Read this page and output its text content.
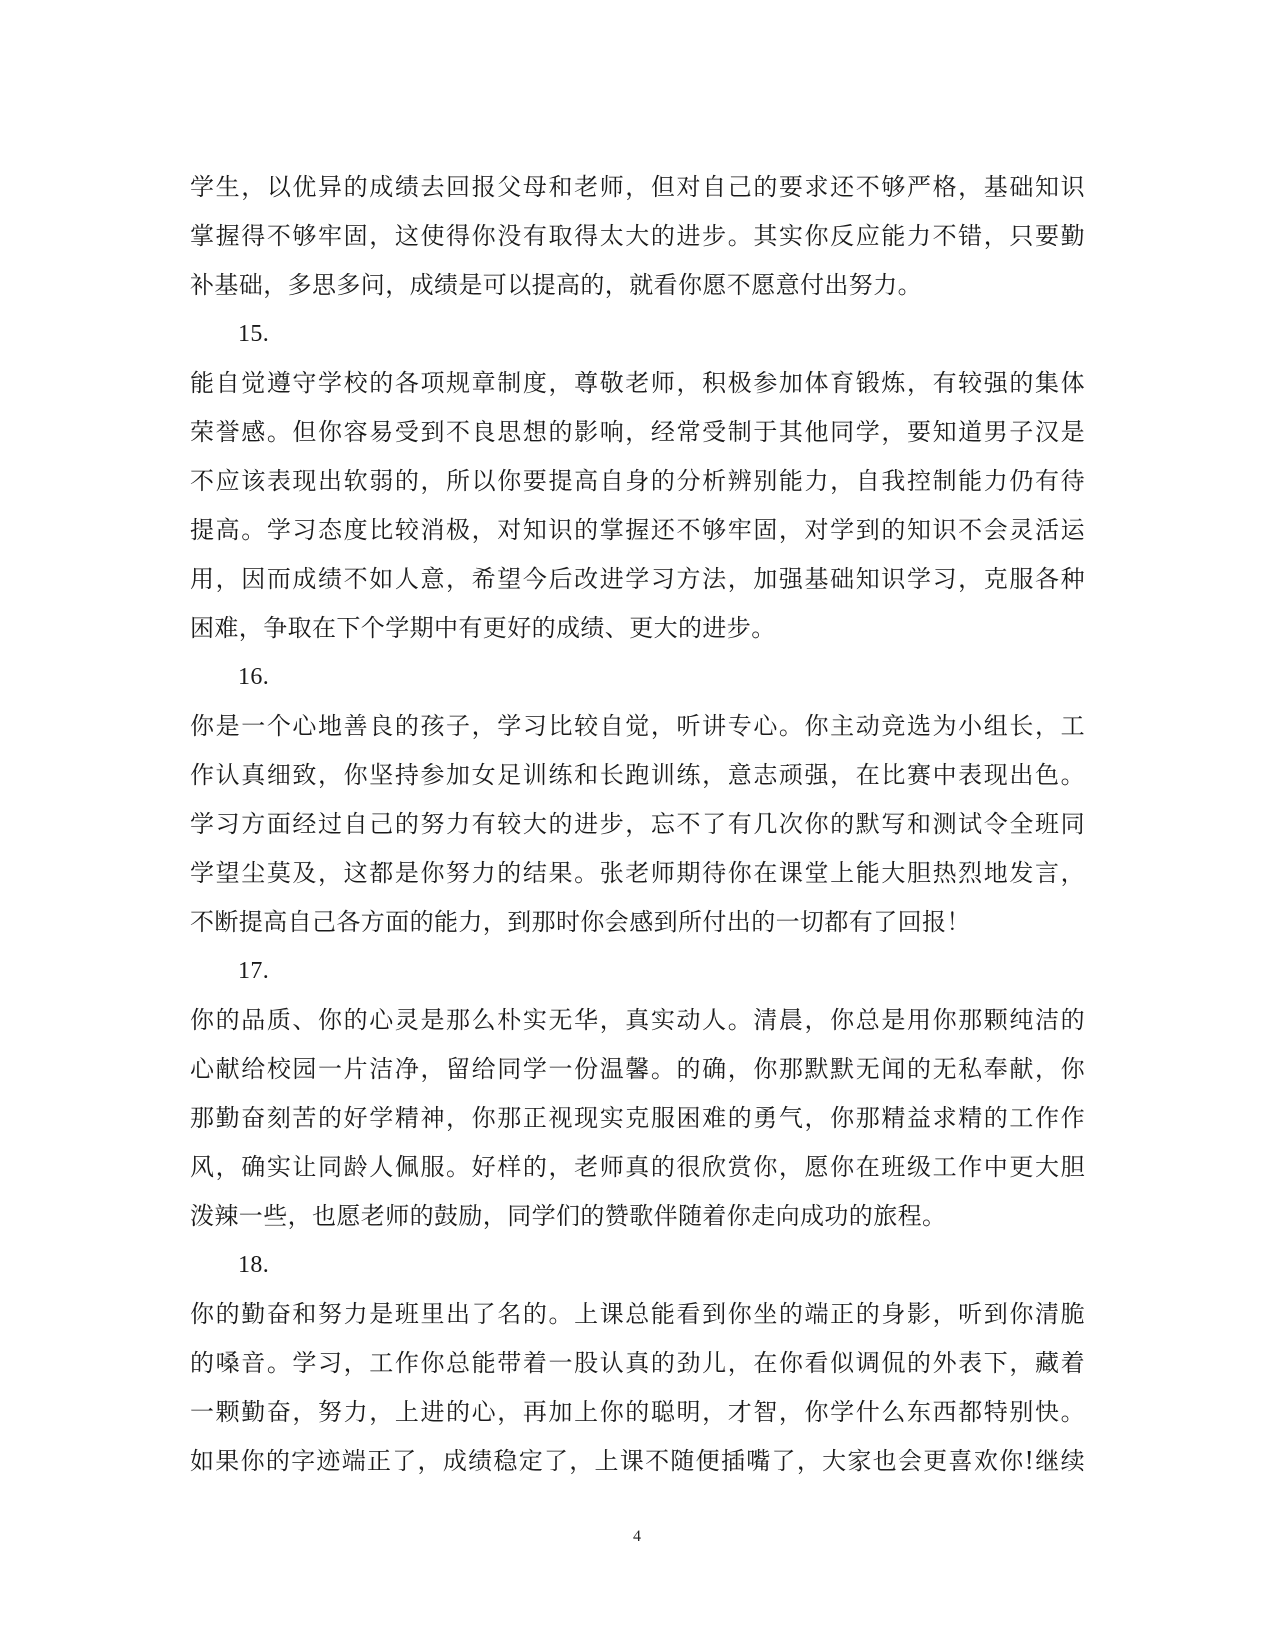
学生，以优异的成绩去回报父母和老师，但对自己的要求还不够严格，基础知识
掌握得不够牢固，这使得你没有取得太大的进步。其实你反应能力不错，只要勤
补基础，多思多问，成绩是可以提高的，就看你愿不愿意付出努力。
15.
能自觉遵守学校的各项规章制度，尊敬老师，积极参加体育锻炼，有较强的集体
荣誉感。但你容易受到不良思想的影响，经常受制于其他同学，要知道男子汉是
不应该表现出软弱的，所以你要提高自身的分析辨别能力，自我控制能力仍有待
提高。学习态度比较消极，对知识的掌握还不够牢固，对学到的知识不会灵活运
用，因而成绩不如人意，希望今后改进学习方法，加强基础知识学习，克服各种
困难，争取在下个学期中有更好的成绩、更大的进步。
16.
你是一个心地善良的孩子，学习比较自觉，听讲专心。你主动竞选为小组长，工
作认真细致，你坚持参加女足训练和长跑训练，意志顽强，在比赛中表现出色。
学习方面经过自己的努力有较大的进步，忘不了有几次你的默写和测试令全班同
学望尘莫及，这都是你努力的结果。张老师期待你在课堂上能大胆热烈地发言，
不断提高自己各方面的能力，到那时你会感到所付出的一切都有了回报！
17.
你的品质、你的心灵是那么朴实无华，真实动人。清晨，你总是用你那颗纯洁的
心献给校园一片洁净，留给同学一份温馨。的确，你那默默无闻的无私奉献，你
那勤奋刻苦的好学精神，你那正视现实克服困难的勇气，你那精益求精的工作作
风，确实让同龄人佩服。好样的，老师真的很欣赏你，愿你在班级工作中更大胆
泼辣一些，也愿老师的鼓励，同学们的赞歌伴随着你走向成功的旅程。
18.
你的勤奋和努力是班里出了名的。上课总能看到你坐的端正的身影，听到你清脆
的嗓音。学习，工作你总能带着一股认真的劲儿，在你看似调侃的外表下，藏着
一颗勤奋，努力，上进的心，再加上你的聪明，才智，你学什么东西都特别快。
如果你的字迹端正了，成绩稳定了，上课不随便插嘴了，大家也会更喜欢你!继续
4
